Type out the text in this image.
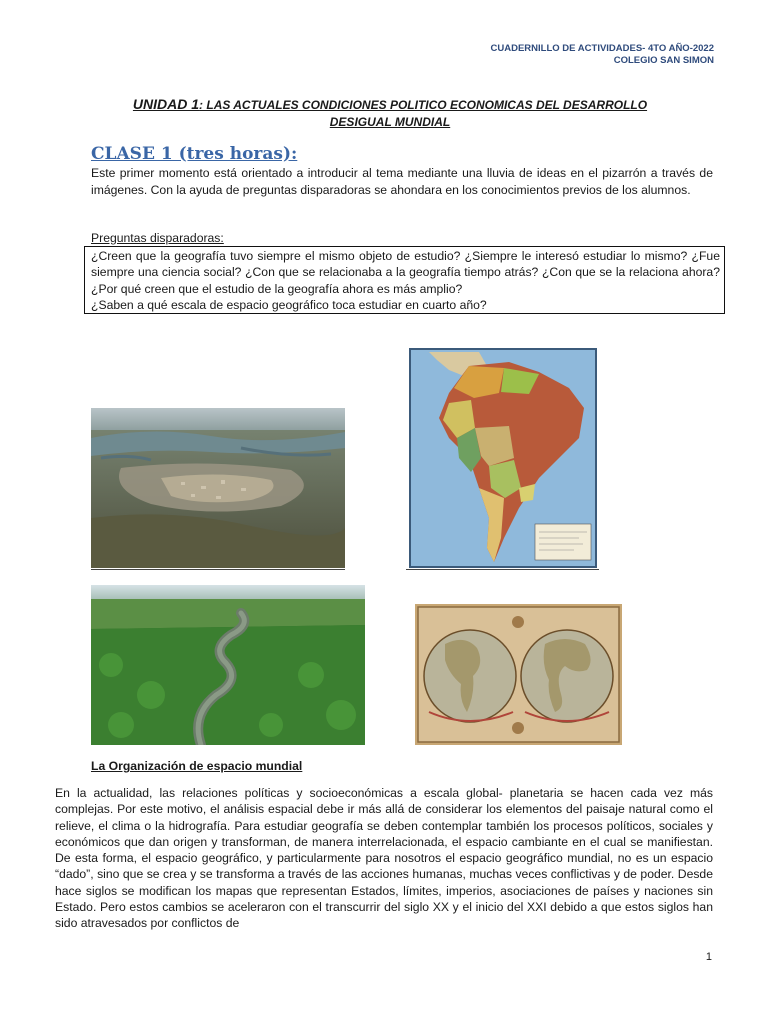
CUADERNILLO DE ACTIVIDADES- 4TO AÑO-2022
COLEGIO SAN SIMON
UNIDAD 1: LAS ACTUALES CONDICIONES POLITICO ECONOMICAS DEL DESARROLLO
DESIGUAL MUNDIAL
CLASE 1 (tres horas):

Este primer momento está orientado a introducir al tema mediante una lluvia de ideas en el pizarrón a través de imágenes. Con la ayuda de preguntas disparadoras se ahondara en los conocimientos previos de los alumnos.

Preguntas disparadoras:

¿Creen que la geografía tuvo siempre el mismo objeto de estudio? ¿Siempre le interesó estudiar lo mismo? ¿Fue siempre una ciencia social? ¿Con que se relacionaba a la geografía tiempo atrás? ¿Con que se la relaciona ahora? ¿Por qué creen que el estudio de la geografía ahora es más amplio?

¿Saben a qué escala de espacio geográfico toca estudiar en cuarto año?

La Organización de espacio mundial

En la actualidad, las relaciones políticas y socioeconómicas a escala global- planetaria se hacen cada vez más complejas. Por este motivo, el análisis espacial debe ir más allá de considerar los elementos del paisaje natural como el relieve, el clima o la hidrografía. Para estudiar geografía se deben contemplar también los procesos políticos, sociales y económicos que dan origen y transforman, de manera interrelacionada, el espacio cambiante en el cual se manifiestan. De esta forma, el espacio geográfico, y particularmente para nosotros el espacio geográfico mundial, no es un espacio “dado”, sino que se crea y se transforma a través de las acciones humanas, muchas veces conflictivas y de poder. Desde hace siglos se modifican los mapas que representan Estados, límites, imperios, asociaciones de países y naciones sin Estado. Pero estos cambios se aceleraron con el transcurrir del siglo XX y el inicio del XXI debido a que estos siglos han sido atravesados por conflictos de

1
